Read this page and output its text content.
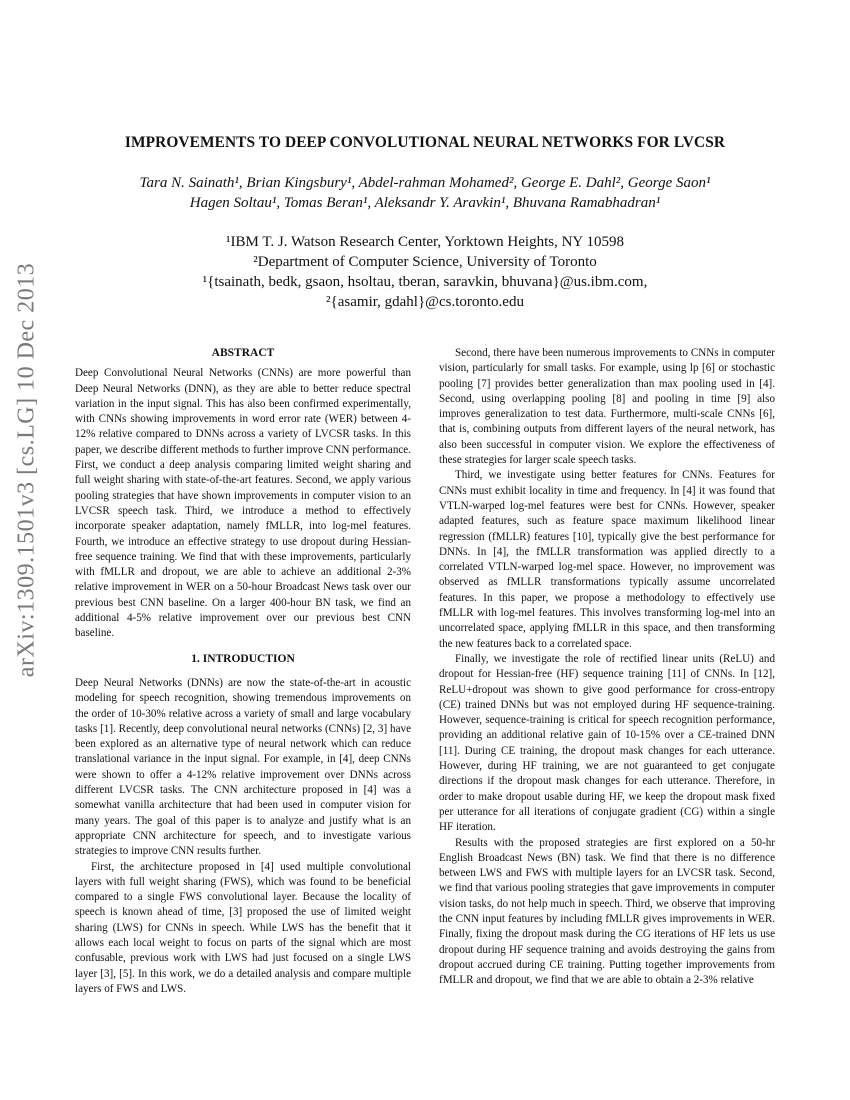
arXiv:1309.1501v3 [cs.LG] 10 Dec 2013
IMPROVEMENTS TO DEEP CONVOLUTIONAL NEURAL NETWORKS FOR LVCSR
Tara N. Sainath¹, Brian Kingsbury¹, Abdel-rahman Mohamed², George E. Dahl², George Saon¹
Hagen Soltau¹, Tomas Beran¹, Aleksandr Y. Aravkin¹, Bhuvana Ramabhadran¹
¹IBM T. J. Watson Research Center, Yorktown Heights, NY 10598
²Department of Computer Science, University of Toronto
¹{tsainath, bedk, gsaon, hsoltau, tberan, saravkin, bhuvana}@us.ibm.com,
²{asamir, gdahl}@cs.toronto.edu
ABSTRACT

Deep Convolutional Neural Networks (CNNs) are more powerful than Deep Neural Networks (DNN), as they are able to better reduce spectral variation in the input signal. This has also been confirmed experimentally, with CNNs showing improvements in word error rate (WER) between 4-12% relative compared to DNNs across a variety of LVCSR tasks. In this paper, we describe different methods to further improve CNN performance. First, we conduct a deep analysis comparing limited weight sharing and full weight sharing with state-of-the-art features. Second, we apply various pooling strategies that have shown improvements in computer vision to an LVCSR speech task. Third, we introduce a method to effectively incorporate speaker adaptation, namely fMLLR, into log-mel features. Fourth, we introduce an effective strategy to use dropout during Hessian-free sequence training. We find that with these improvements, particularly with fMLLR and dropout, we are able to achieve an additional 2-3% relative improvement in WER on a 50-hour Broadcast News task over our previous best CNN baseline. On a larger 400-hour BN task, we find an additional 4-5% relative improvement over our previous best CNN baseline.

1. INTRODUCTION

Deep Neural Networks (DNNs) are now the state-of-the-art in acoustic modeling for speech recognition, showing tremendous improvements on the order of 10-30% relative across a variety of small and large vocabulary tasks [1]. Recently, deep convolutional neural networks (CNNs) [2, 3] have been explored as an alternative type of neural network which can reduce translational variance in the input signal. For example, in [4], deep CNNs were shown to offer a 4-12% relative improvement over DNNs across different LVCSR tasks. The CNN architecture proposed in [4] was a somewhat vanilla architecture that had been used in computer vision for many years. The goal of this paper is to analyze and justify what is an appropriate CNN architecture for speech, and to investigate various strategies to improve CNN results further.

First, the architecture proposed in [4] used multiple convolutional layers with full weight sharing (FWS), which was found to be beneficial compared to a single FWS convolutional layer. Because the locality of speech is known ahead of time, [3] proposed the use of limited weight sharing (LWS) for CNNs in speech. While LWS has the benefit that it allows each local weight to focus on parts of the signal which are most confusable, previous work with LWS had just focused on a single LWS layer [3], [5]. In this work, we do a detailed analysis and compare multiple layers of FWS and LWS.

Second, there have been numerous improvements to CNNs in computer vision, particularly for small tasks. For example, using lp [6] or stochastic pooling [7] provides better generalization than max pooling used in [4]. Second, using overlapping pooling [8] and pooling in time [9] also improves generalization to test data. Furthermore, multi-scale CNNs [6], that is, combining outputs from different layers of the neural network, has also been successful in computer vision. We explore the effectiveness of these strategies for larger scale speech tasks.

Third, we investigate using better features for CNNs. Features for CNNs must exhibit locality in time and frequency. In [4] it was found that VTLN-warped log-mel features were best for CNNs. However, speaker adapted features, such as feature space maximum likelihood linear regression (fMLLR) features [10], typically give the best performance for DNNs. In [4], the fMLLR transformation was applied directly to a correlated VTLN-warped log-mel space. However, no improvement was observed as fMLLR transformations typically assume uncorrelated features. In this paper, we propose a methodology to effectively use fMLLR with log-mel features. This involves transforming log-mel into an uncorrelated space, applying fMLLR in this space, and then transforming the new features back to a correlated space.

Finally, we investigate the role of rectified linear units (ReLU) and dropout for Hessian-free (HF) sequence training [11] of CNNs. In [12], ReLU+dropout was shown to give good performance for cross-entropy (CE) trained DNNs but was not employed during HF sequence-training. However, sequence-training is critical for speech recognition performance, providing an additional relative gain of 10-15% over a CE-trained DNN [11]. During CE training, the dropout mask changes for each utterance. However, during HF training, we are not guaranteed to get conjugate directions if the dropout mask changes for each utterance. Therefore, in order to make dropout usable during HF, we keep the dropout mask fixed per utterance for all iterations of conjugate gradient (CG) within a single HF iteration.

Results with the proposed strategies are first explored on a 50-hr English Broadcast News (BN) task. We find that there is no difference between LWS and FWS with multiple layers for an LVCSR task. Second, we find that various pooling strategies that gave improvements in computer vision tasks, do not help much in speech. Third, we observe that improving the CNN input features by including fMLLR gives improvements in WER. Finally, fixing the dropout mask during the CG iterations of HF lets us use dropout during HF sequence training and avoids destroying the gains from dropout accrued during CE training. Putting together improvements from fMLLR and dropout, we find that we are able to obtain a 2-3% relative
